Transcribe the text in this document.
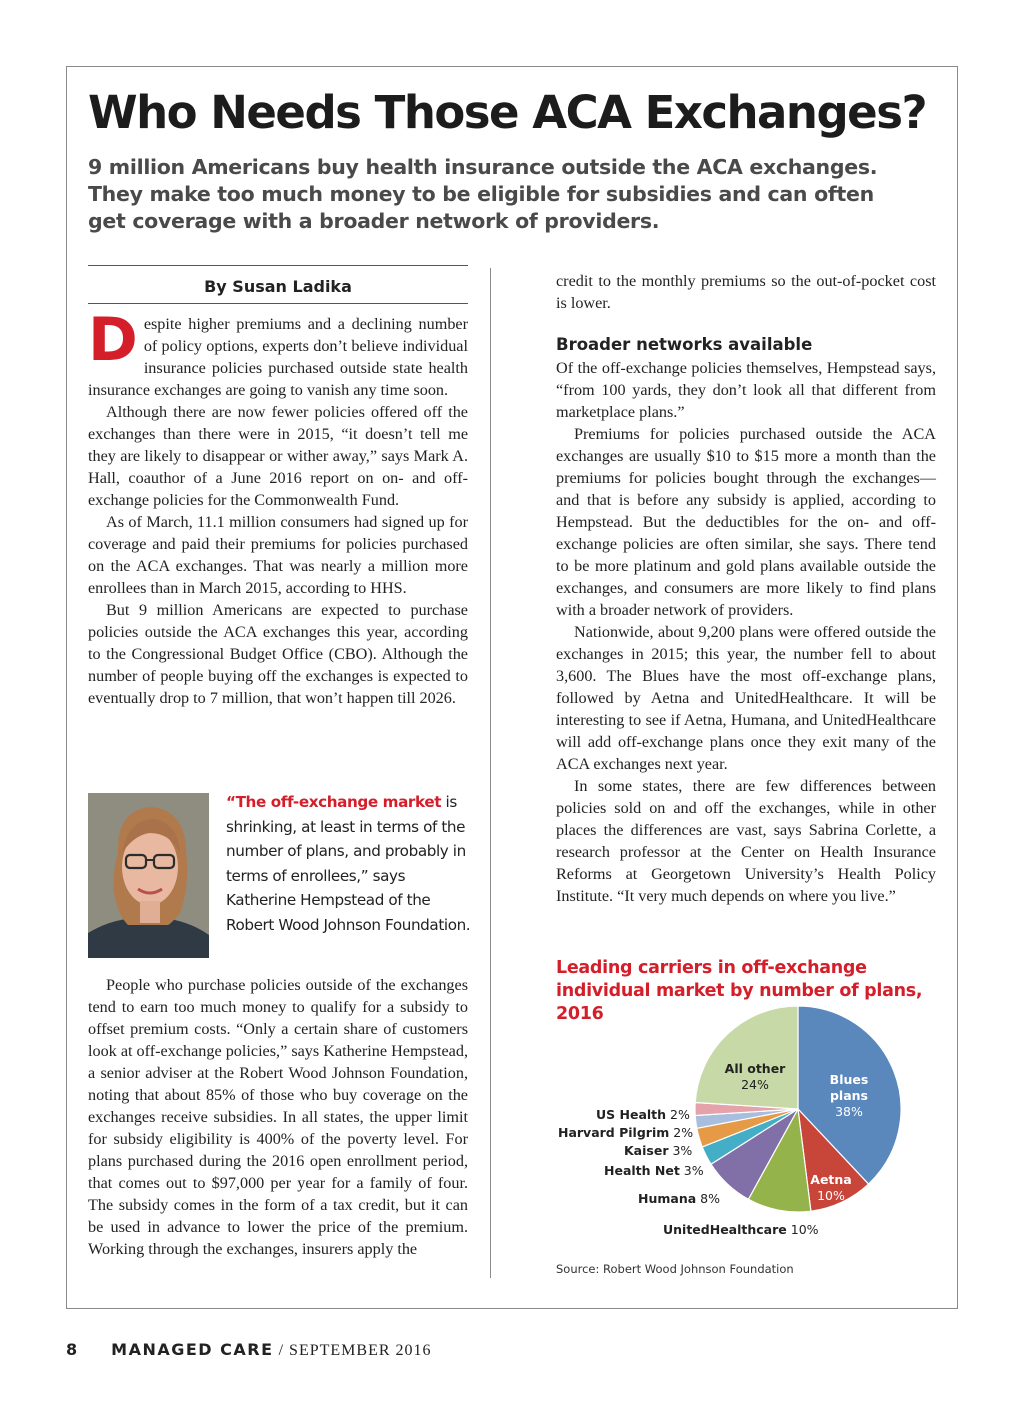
Who Needs Those ACA Exchanges?

9 million Americans buy health insurance outside the ACA exchanges. They make too much money to be eligible for subsidies and can often get coverage with a broader network of providers.

By Susan Ladika

Despite higher premiums and a declining number of policy options, experts don’t believe individual insurance policies purchased outside state health insurance exchanges are going to vanish any time soon.

Although there are now fewer policies offered off the exchanges than there were in 2015, “it doesn’t tell me they are likely to disappear or wither away,” says Mark A. Hall, coauthor of a June 2016 report on on- and off-exchange policies for the Commonwealth Fund.

As of March, 11.1 million consumers had signed up for coverage and paid their premiums for policies purchased on the ACA exchanges. That was nearly a million more enrollees than in March 2015, according to HHS.

But 9 million Americans are expected to purchase policies outside the ACA exchanges this year, according to the Congressional Budget Office (CBO). Although the number of people buying off the exchanges is expected to eventually drop to 7 million, that won’t happen till 2026.

“The off-exchange market is shrinking, at least in terms of the number of plans, and probably in terms of enrollees,” says Katherine Hempstead of the Robert Wood Johnson Foundation.

People who purchase policies outside of the exchanges tend to earn too much money to qualify for a subsidy to offset premium costs. “Only a certain share of customers look at off-exchange policies,” says Katherine Hempstead, a senior adviser at the Robert Wood Johnson Foundation, noting that about 85% of those who buy coverage on the exchanges receive subsidies. In all states, the upper limit for subsidy eligibility is 400% of the poverty level. For plans purchased during the 2016 open enrollment period, that comes out to $97,000 per year for a family of four. The subsidy comes in the form of a tax credit, but it can be used in advance to lower the price of the premium. Working through the exchanges, insurers apply the

credit to the monthly premiums so the out-of-pocket cost is lower.

Broader networks available

Of the off-exchange policies themselves, Hempstead says, “from 100 yards, they don’t look all that different from marketplace plans.”

Premiums for policies purchased outside the ACA exchanges are usually $10 to $15 more a month than the premiums for policies bought through the exchanges—and that is before any subsidy is applied, according to Hempstead. But the deductibles for the on- and off-exchange policies are often similar, she says. There tend to be more platinum and gold plans available outside the exchanges, and consumers are more likely to find plans with a broader network of providers.

Nationwide, about 9,200 plans were offered outside the exchanges in 2015; this year, the number fell to about 3,600. The Blues have the most off-exchange plans, followed by Aetna and UnitedHealthcare. It will be interesting to see if Aetna, Humana, and UnitedHealthcare will add off-exchange plans once they exit many of the ACA exchanges next year.

In some states, there are few differences between policies sold on and off the exchanges, while in other places the differences are vast, says Sabrina Corlette, a research professor at the Center on Health Insurance Reforms at Georgetown University’s Health Policy Institute. “It very much depends on where you live.”

Leading carriers in off-exchange individual market by number of plans, 2016

Blues plans 38%
Aetna 10%
UnitedHealthcare 10%
Humana 8%
Health Net 3%
Kaiser 3%
Harvard Pilgrim 2%
US Health 2%
All other 24%

Source: Robert Wood Johnson Foundation

8 MANAGED CARE / SEPTEMBER 2016
